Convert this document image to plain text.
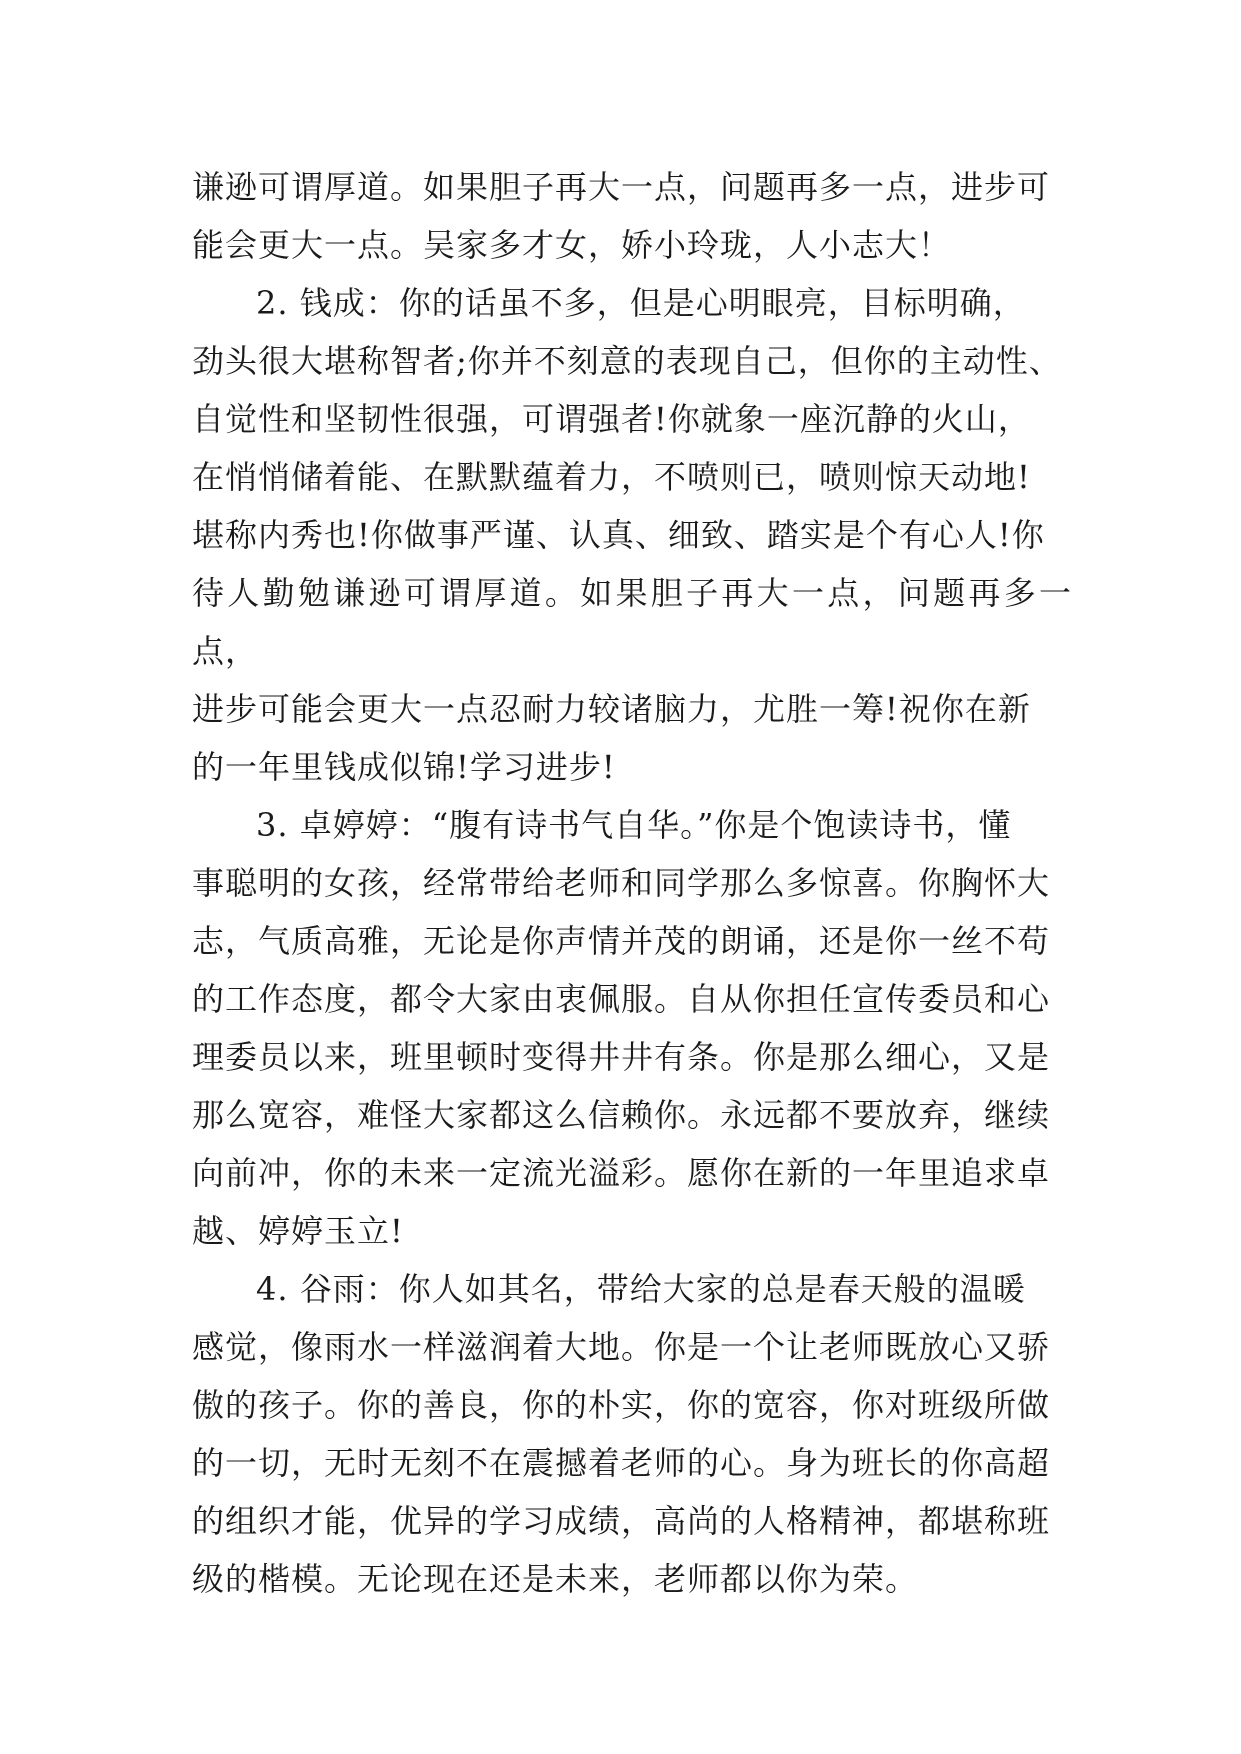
谦逊可谓厚道。如果胆子再大一点，问题再多一点，进步可
能会更大一点。吴家多才女，娇小玲珑，人小志大！
2. 钱成：你的话虽不多，但是心明眼亮，目标明确，
劲头很大堪称智者;你并不刻意的表现自己，但你的主动性、
自觉性和坚韧性很强，可谓强者!你就象一座沉静的火山，
在悄悄储着能、在默默蕴着力，不喷则已，喷则惊天动地!
堪称内秀也!你做事严谨、认真、细致、踏实是个有心人!你
待人勤勉谦逊可谓厚道。如果胆子再大一点，问题再多一点，
进步可能会更大一点忍耐力较诸脑力，尤胜一筹!祝你在新
的一年里钱成似锦!学习进步!
3. 卓婷婷：“腹有诗书气自华。”你是个饱读诗书，懂
事聪明的女孩，经常带给老师和同学那么多惊喜。你胸怀大
志，气质高雅，无论是你声情并茂的朗诵，还是你一丝不苟
的工作态度，都令大家由衷佩服。自从你担任宣传委员和心
理委员以来，班里顿时变得井井有条。你是那么细心，又是
那么宽容，难怪大家都这么信赖你。永远都不要放弃，继续
向前冲，你的未来一定流光溢彩。愿你在新的一年里追求卓
越、婷婷玉立!
4. 谷雨：你人如其名，带给大家的总是春天般的温暖
感觉，像雨水一样滋润着大地。你是一个让老师既放心又骄
傲的孩子。你的善良，你的朴实，你的宽容，你对班级所做
的一切，无时无刻不在震撼着老师的心。身为班长的你高超
的组织才能，优异的学习成绩，高尚的人格精神，都堪称班
级的楷模。无论现在还是未来，老师都以你为荣。
